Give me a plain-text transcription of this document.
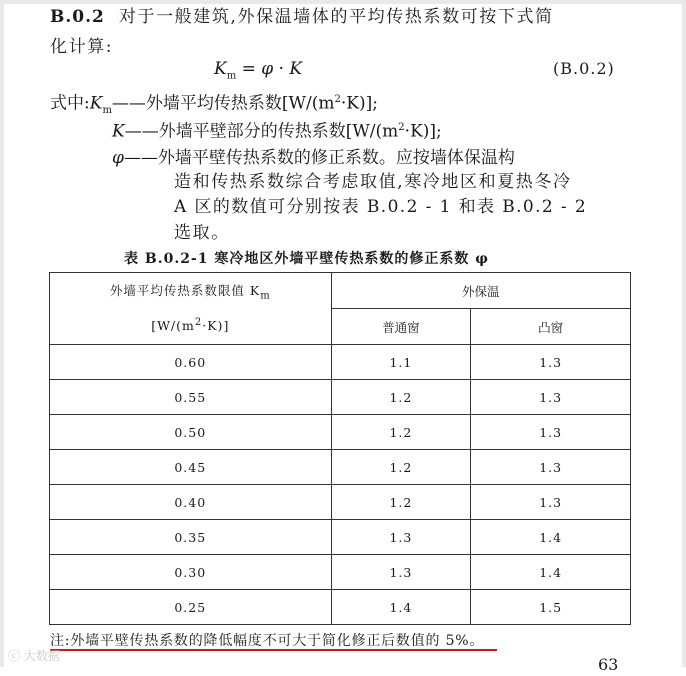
B.0.2 对于一般建筑,外保温墙体的平均传热系数可按下式简
化计算:
$K_m = \varphi \cdot K$	(B.0.2)
式中$:K_m——$外墙平均传热系数$[W/(m^2\cdot K)]$;
K——外墙平壁部分的传热系数$[W/(m^2\cdot K)]$;
φ——外墙平壁传热系数的修正系数。应按墙体保温构
造和传热系数综合考虑取值,寒冷地区和夏热冬冷
A 区的数值可分别按表 B.0.2 - 1 和表 B.0.2 - 2
选取。
表 B.0.2-1 寒冷地区外墙平壁传热系数的修正系数 φ
外墙平均传热系数限值 $K_m$
$[W/(m^2\cdot K)]$	外保温	
	普通窗	凸窗
0.60	1.1	1.3
0.55	1.2	1.3
0.50	1.2	1.3
0.45	1.2	1.3
0.40	1.2	1.3
0.35	1.3	1.4
0.30	1.3	1.4
0.25	1.4	1.5
注:外墙平壁传热系数的降低幅度不可大于简化修正后数值的 5%。
63
ⓒ 大数据
